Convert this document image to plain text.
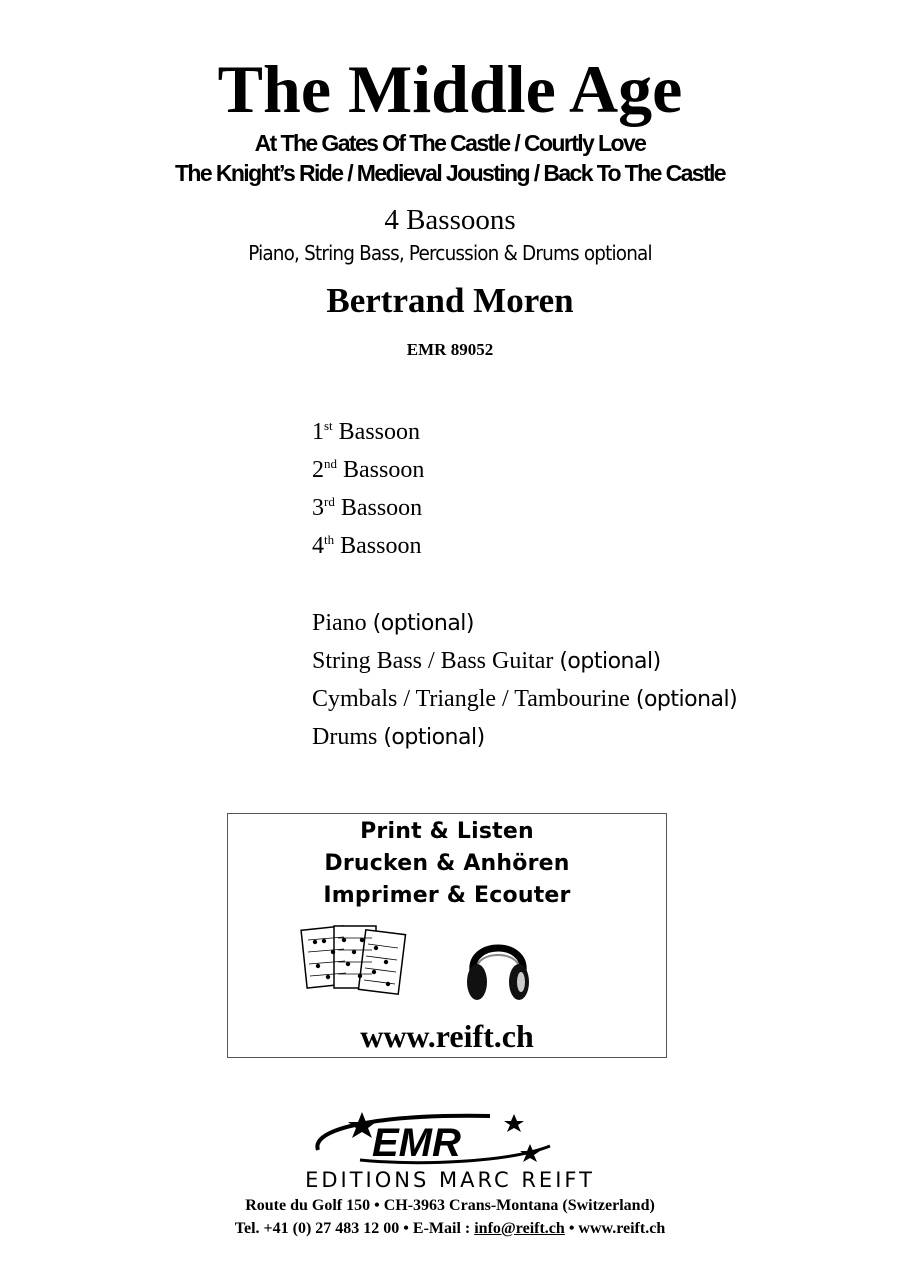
The Middle Age
At The Gates Of The Castle / Courtly Love
The Knight’s Ride / Medieval Jousting / Back To The Castle
4 Bassoons
Piano, String Bass, Percussion & Drums optional
Bertrand Moren
EMR 89052
1st Bassoon
2nd Bassoon
3rd Bassoon
4th Bassoon
Piano (optional)
String Bass / Bass Guitar (optional)
Cymbals / Triangle / Tambourine (optional)
Drums (optional)
Print & Listen
Drucken & Anhören
Imprimer & Ecouter
www.reift.ch
EMR
EDITIONS MARC REIFT
Route du Golf 150 • CH-3963 Crans-Montana (Switzerland)
Tel. +41 (0) 27 483 12 00 • E-Mail : info@reift.ch • www.reift.ch
